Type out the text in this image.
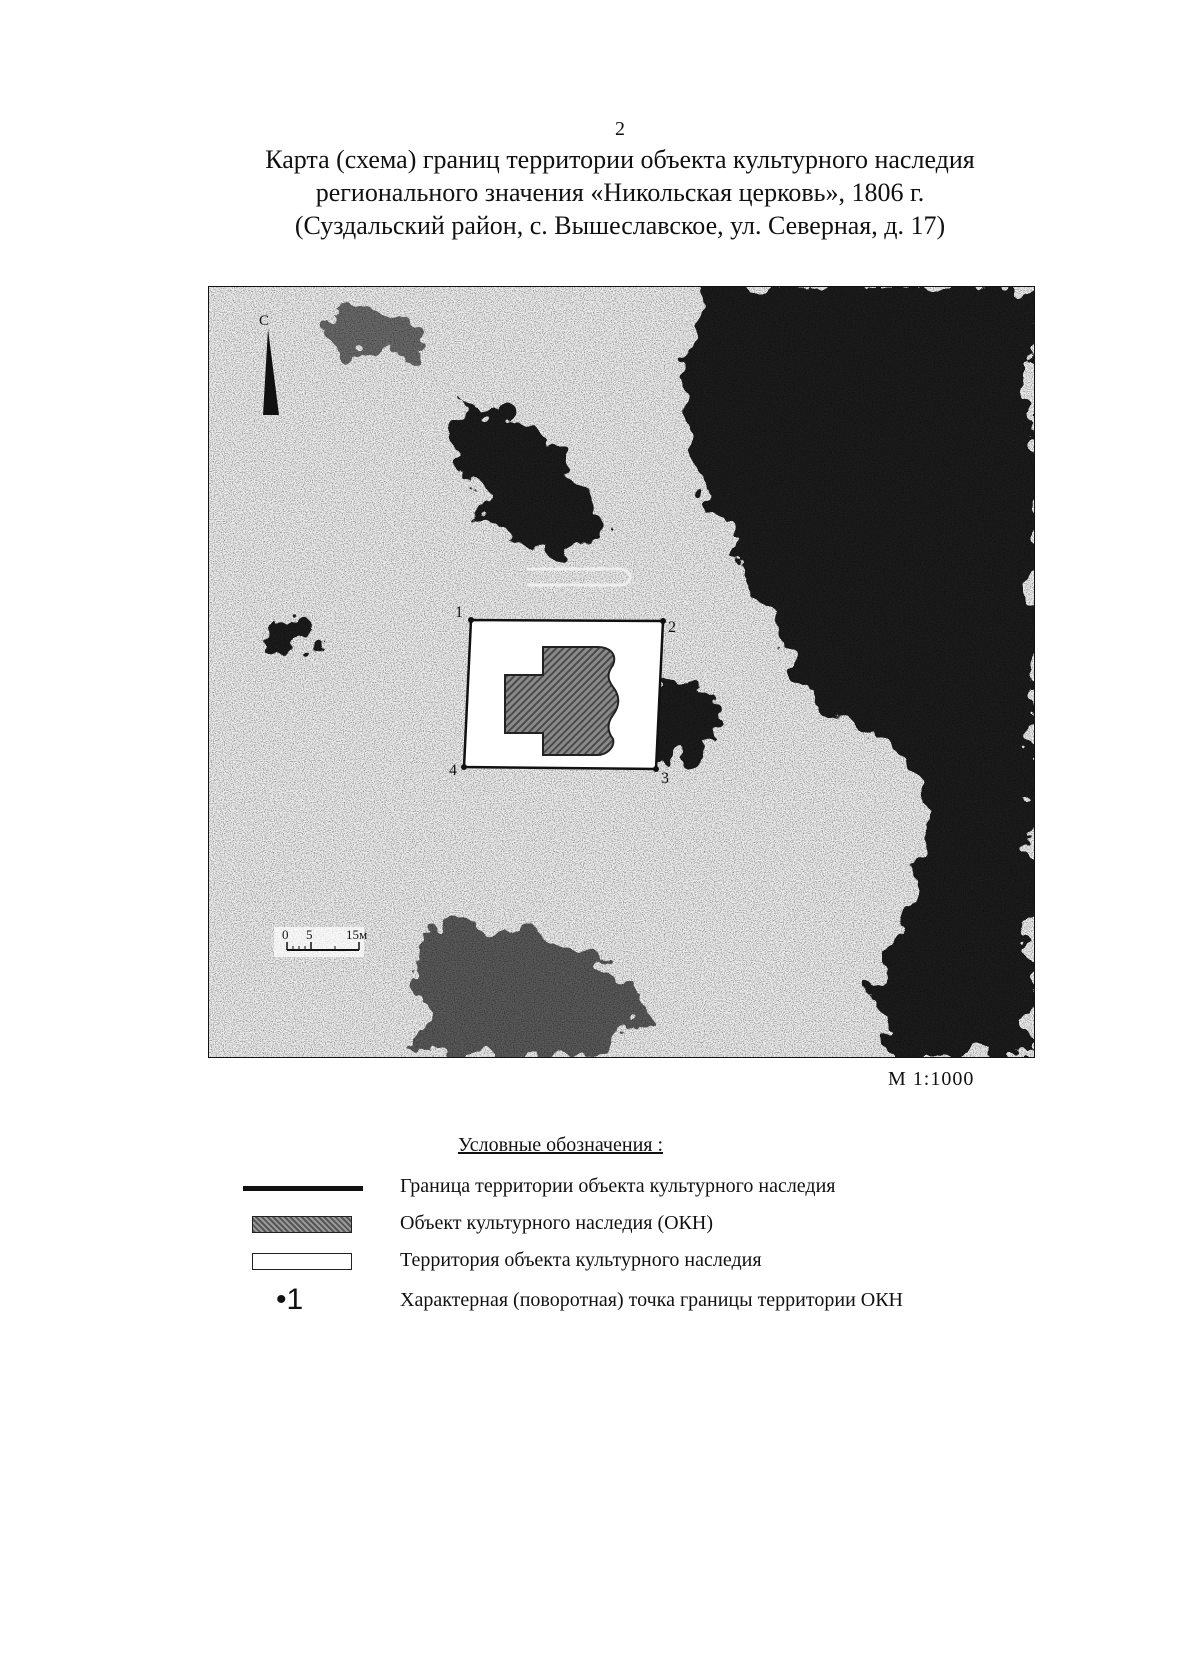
2
Карта (схема) границ территории объекта культурного наследия
регионального значения «Никольская церковь», 1806 г.
(Суздальский район, с. Вышеславское, ул. Северная, д. 17)
1
2
3
4
С
0 5	15м
М 1:1000
Условные обозначения :
Граница территории объекта культурного наследия
Объект культурного наследия (ОКН)
Территория объекта культурного наследия
•1	Характерная (поворотная) точка границы территории ОКН
